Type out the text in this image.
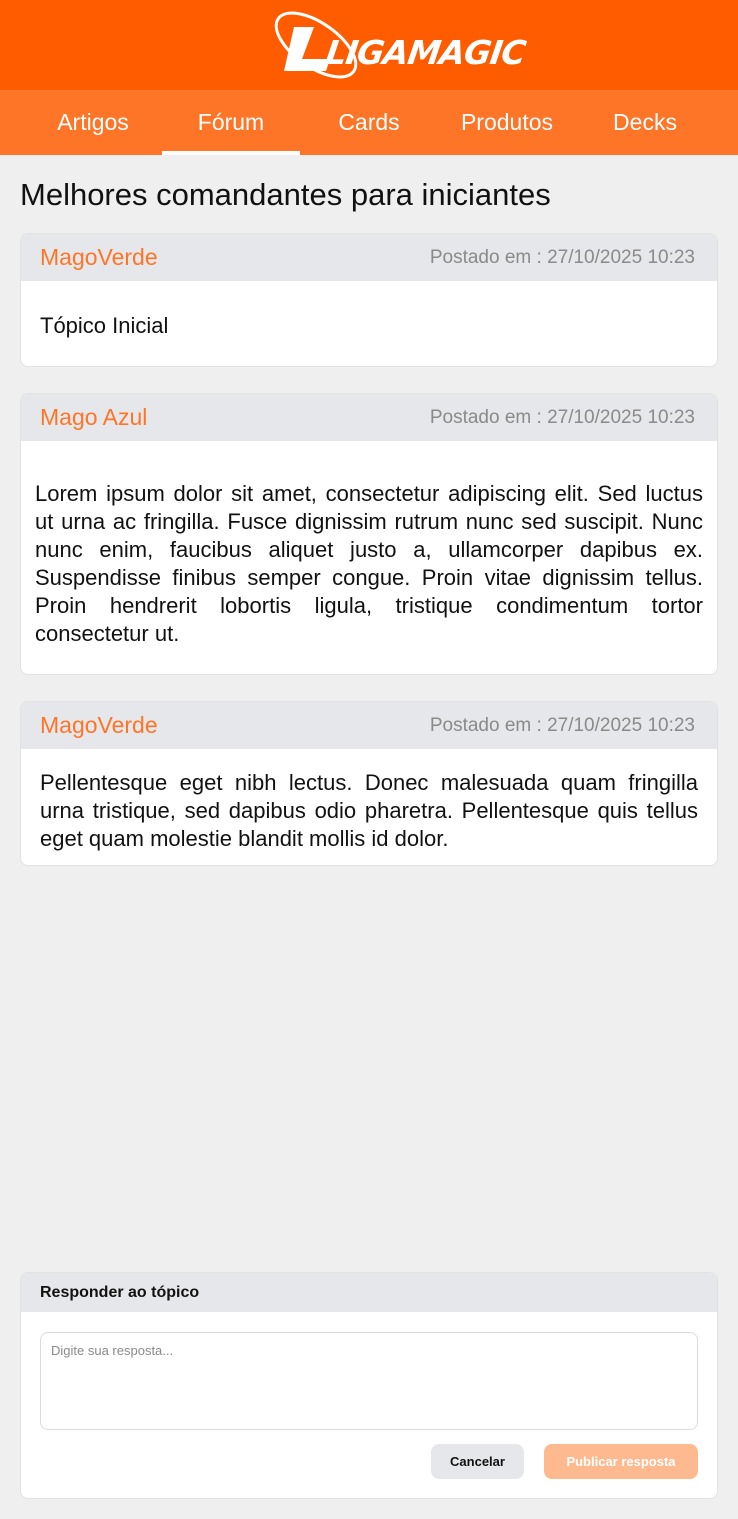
LIGAMAGIC
Artigos	Fórum	Cards	Produtos	Decks
Melhores comandantes para iniciantes
MagoVerde	Postado em : 27/10/2025 10:23
Tópico Inicial
Mago Azul	Postado em : 27/10/2025 10:23
Lorem ipsum dolor sit amet, consectetur adipiscing elit. Sed luctus ut urna ac fringilla. Fusce dignissim rutrum nunc sed suscipit. Nunc nunc enim, faucibus aliquet justo a, ullamcorper dapibus ex. Suspendisse finibus semper congue. Proin vitae dignissim tellus. Proin hendrerit lobortis ligula, tristique condimentum tortor consectetur ut.
MagoVerde	Postado em : 27/10/2025 10:23
Pellentesque eget nibh lectus. Donec malesuada quam fringilla urna tristique, sed dapibus odio pharetra. Pellentesque quis tellus eget quam molestie blandit mollis id dolor.
Responder ao tópico
Digite sua resposta...
Cancelar	Publicar resposta
